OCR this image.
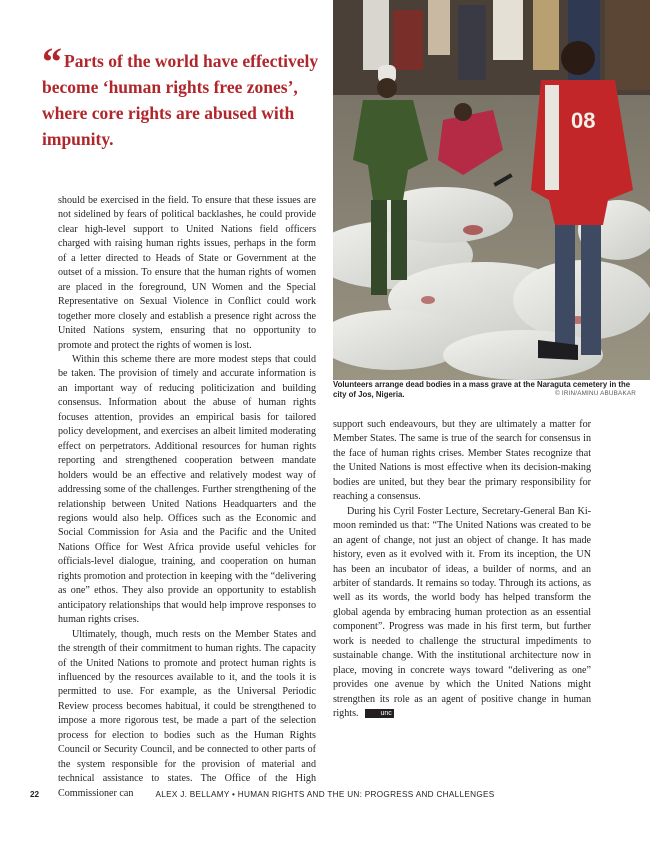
“ Parts of the world have effectively become ‘human rights free zones’, where core rights are abused with impunity.
08
Volunteers arrange dead bodies in a mass grave at the Naraguta cemetery in the city of Jos, Nigeria.	© IRIN/AMINU ABUBAKAR

should be exercised in the field. To ensure that these issues are not sidelined by fears of political backlashes, he could provide clear high-level support to United Nations field officers charged with raising human rights issues, perhaps in the form of a letter directed to Heads of State or Government at the outset of a mission. To ensure that the human rights of women are placed in the foreground, UN Women and the Special Representative on Sexual Violence in Conflict could work together more closely and establish a presence right across the United Nations system, ensuring that no opportunity to promote and protect the rights of women is lost.

Within this scheme there are more modest steps that could be taken. The provision of timely and accurate information is an important way of reducing politicization and building consensus. Information about the abuse of human rights focuses attention, provides an empirical basis for tailored policy development, and exercises an albeit limited moderating effect on perpetrators. Additional resources for human rights reporting and strengthened cooperation between mandate holders would be an effective and relatively modest way of addressing some of the challenges. Further strengthening of the relationship between United Nations Headquarters and the regions would also help. Offices such as the Economic and Social Commission for Asia and the Pacific and the United Nations Office for West Africa provide useful vehicles for officials-level dialogue, training, and cooperation on human rights promotion and protection in keeping with the “delivering as one” ethos. They also provide an opportunity to establish anticipatory relationships that would help improve responses to human rights crises.

Ultimately, though, much rests on the Member States and the strength of their commitment to human rights. The capacity of the United Nations to promote and protect human rights is influenced by the resources available to it, and the tools it is permitted to use. For example, as the Universal Periodic Review process becomes habitual, it could be strengthened to impose a more rigorous test, be made a part of the selection process for election to bodies such as the Human Rights Council or Security Council, and be connected to other parts of the system responsible for the provision of material and technical assistance to states. The Office of the High Commissioner can

support such endeavours, but they are ultimately a matter for Member States. The same is true of the search for consensus in the face of human rights crises. Member States recognize that the United Nations is most effective when its decision-making bodies are united, but they bear the primary responsibility for reaching a consensus.

During his Cyril Foster Lecture, Secretary-General Ban Ki-moon reminded us that: “The United Nations was created to be an agent of change, not just an object of change. It has made history, even as it evolved with it. From its inception, the UN has been an incubator of ideas, a builder of norms, and an arbiter of standards. It remains so today. Through its actions, as well as its words, the world body has helped transform the global agenda by embracing human protection as an essential component”. Progress was made in his first term, but further work is needed to challenge the structural impediments to sustainable change. With the institutional architecture now in place, moving in concrete ways toward “delivering as one” provides one avenue by which the United Nations might strengthen its role as an agent of positive change in human rights.	unc

22	ALEX J. BELLAMY • HUMAN RIGHTS AND THE UN: PROGRESS AND CHALLENGES
